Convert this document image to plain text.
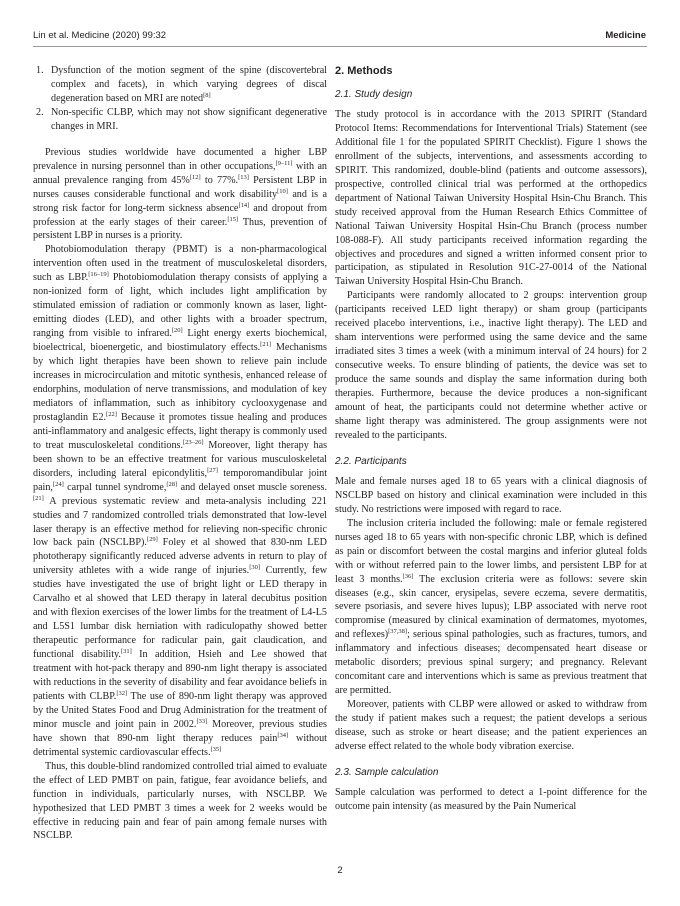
Lin et al. Medicine (2020) 99:32	Medicine
1. Dysfunction of the motion segment of the spine (discovertebral complex and facets), in which varying degrees of discal degeneration based on MRI are noted[8]
2. Non-specific CLBP, which may not show significant degenerative changes in MRI.

Previous studies worldwide have documented a higher LBP prevalence in nursing personnel than in other occupations,[9–11] with an annual prevalence ranging from 45%[12] to 77%.[13] Persistent LBP in nurses causes considerable functional and work disability[10] and is a strong risk factor for long-term sickness absence[14] and dropout from profession at the early stages of their career.[15] Thus, prevention of persistent LBP in nurses is a priority.

Photobiomodulation therapy (PBMT) is a non-pharmacological intervention often used in the treatment of musculoskeletal disorders, such as LBP.[16–19] Photobiomodulation therapy consists of applying a non-ionized form of light, which includes light amplification by stimulated emission of radiation or commonly known as laser, light-emitting diodes (LED), and other lights with a broader spectrum, ranging from visible to infrared.[20] Light energy exerts biochemical, bioelectrical, bioenergetic, and biostimulatory effects.[21] Mechanisms by which light therapies have been shown to relieve pain include increases in microcirculation and mitotic synthesis, enhanced release of endorphins, modulation of nerve transmissions, and modulation of key mediators of inflammation, such as inhibitory cyclooxygenase and prostaglandin E2.[22] Because it promotes tissue healing and produces anti-inflammatory and analgesic effects, light therapy is commonly used to treat musculoskeletal conditions.[23–26] Moreover, light therapy has been shown to be an effective treatment for various musculoskeletal disorders, including lateral epicondylitis,[27] temporomandibular joint pain,[24] carpal tunnel syndrome,[28] and delayed onset muscle soreness.[21] A previous systematic review and meta-analysis including 221 studies and 7 randomized controlled trials demonstrated that low-level laser therapy is an effective method for relieving non-specific chronic low back pain (NSCLBP).[29] Foley et al showed that 830-nm LED phototherapy significantly reduced adverse advents in return to play of university athletes with a wide range of injuries.[30] Currently, few studies have investigated the use of bright light or LED therapy in Carvalho et al showed that LED therapy in lateral decubitus position and with flexion exercises of the lower limbs for the treatment of L4-L5 and L5S1 lumbar disk herniation with radiculopathy showed better therapeutic performance for radicular pain, gait claudication, and functional disability.[31] In addition, Hsieh and Lee showed that treatment with hot-pack therapy and 890-nm light therapy is associated with reductions in the severity of disability and fear avoidance beliefs in patients with CLBP.[32] The use of 890-nm light therapy was approved by the United States Food and Drug Administration for the treatment of minor muscle and joint pain in 2002.[33] Moreover, previous studies have shown that 890-nm light therapy reduces pain[34] without detrimental systemic cardiovascular effects.[35]

Thus, this double-blind randomized controlled trial aimed to evaluate the effect of LED PMBT on pain, fatigue, fear avoidance beliefs, and function in individuals, particularly nurses, with NSCLBP. We hypothesized that LED PMBT 3 times a week for 2 weeks would be effective in reducing pain and fear of pain among female nurses with NSCLBP.

2. Methods
2.1. Study design

The study protocol is in accordance with the 2013 SPIRIT (Standard Protocol Items: Recommendations for Interventional Trials) Statement (see Additional file 1 for the populated SPIRIT Checklist). Figure 1 shows the enrollment of the subjects, interventions, and assessments according to SPIRIT. This randomized, double-blind (patients and outcome assessors), prospective, controlled clinical trial was performed at the orthopedics department of National Taiwan University Hospital Hsin-Chu Branch. This study received approval from the Human Research Ethics Committee of National Taiwan University Hospital Hsin-Chu Branch (process number 108-088-F). All study participants received information regarding the objectives and procedures and signed a written informed consent prior to participation, as stipulated in Resolution 91C-27-0014 of the National Taiwan University Hospital Hsin-Chu Branch.

Participants were randomly allocated to 2 groups: intervention group (participants received LED light therapy) or sham group (participants received placebo interventions, i.e., inactive light therapy). The LED and sham interventions were performed using the same device and the same irradiated sites 3 times a week (with a minimum interval of 24 hours) for 2 consecutive weeks. To ensure blinding of patients, the device was set to produce the same sounds and display the same information during both therapies. Furthermore, because the device produces a non-significant amount of heat, the participants could not determine whether active or shame light therapy was administered. The group assignments were not revealed to the participants.

2.2. Participants

Male and female nurses aged 18 to 65 years with a clinical diagnosis of NSCLBP based on history and clinical examination were included in this study. No restrictions were imposed with regard to race.

The inclusion criteria included the following: male or female registered nurses aged 18 to 65 years with non-specific chronic LBP, which is defined as pain or discomfort between the costal margins and inferior gluteal folds with or without referred pain to the lower limbs, and persistent LBP for at least 3 months.[36] The exclusion criteria were as follows: severe skin diseases (e.g., skin cancer, erysipelas, severe eczema, severe dermatitis, severe psoriasis, and severe hives lupus); LBP associated with nerve root compromise (measured by clinical examination of dermatomes, myotomes, and reflexes)[37,38]; serious spinal pathologies, such as fractures, tumors, and inflammatory and infectious diseases; decompensated heart disease or metabolic disorders; previous spinal surgery; and pregnancy. Relevant concomitant care and interventions which is same as previous treatment that are permitted.

Moreover, patients with CLBP were allowed or asked to withdraw from the study if patient makes such a request; the patient develops a serious disease, such as stroke or heart disease; and the patient experiences an adverse effect related to the whole body vibration exercise.

2.3. Sample calculation

Sample calculation was performed to detect a 1-point difference for the outcome pain intensity (as measured by the Pain Numerical

2
